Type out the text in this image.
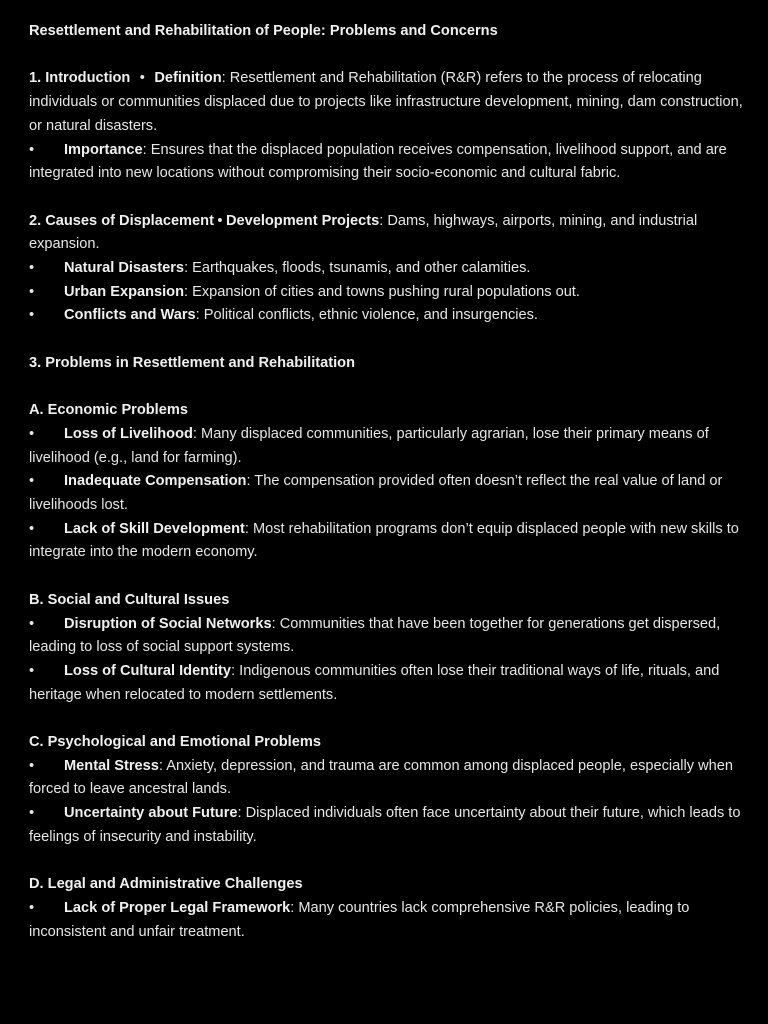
Resettlement and Rehabilitation of People: Problems and Concerns

1. Introduction • Definition: Resettlement and Rehabilitation (R&R) refers to the process of relocating individuals or communities displaced due to projects like infrastructure development, mining, dam construction, or natural disasters.

• Importance: Ensures that the displaced population receives compensation, livelihood support, and are integrated into new locations without compromising their socio-economic and cultural fabric.

2. Causes of Displacement • Development Projects: Dams, highways, airports, mining, and industrial expansion.

• Natural Disasters: Earthquakes, floods, tsunamis, and other calamities.

• Urban Expansion: Expansion of cities and towns pushing rural populations out.

• Conflicts and Wars: Political conflicts, ethnic violence, and insurgencies.

3. Problems in Resettlement and Rehabilitation

A. Economic Problems

• Loss of Livelihood: Many displaced communities, particularly agrarian, lose their primary means of livelihood (e.g., land for farming).

• Inadequate Compensation: The compensation provided often doesn’t reflect the real value of land or livelihoods lost.

• Lack of Skill Development: Most rehabilitation programs don’t equip displaced people with new skills to integrate into the modern economy.

B. Social and Cultural Issues

• Disruption of Social Networks: Communities that have been together for generations get dispersed, leading to loss of social support systems.

• Loss of Cultural Identity: Indigenous communities often lose their traditional ways of life, rituals, and heritage when relocated to modern settlements.

C. Psychological and Emotional Problems

• Mental Stress: Anxiety, depression, and trauma are common among displaced people, especially when forced to leave ancestral lands.

• Uncertainty about Future: Displaced individuals often face uncertainty about their future, which leads to feelings of insecurity and instability.

D. Legal and Administrative Challenges

• Lack of Proper Legal Framework: Many countries lack comprehensive R&R policies, leading to inconsistent and unfair treatment.
